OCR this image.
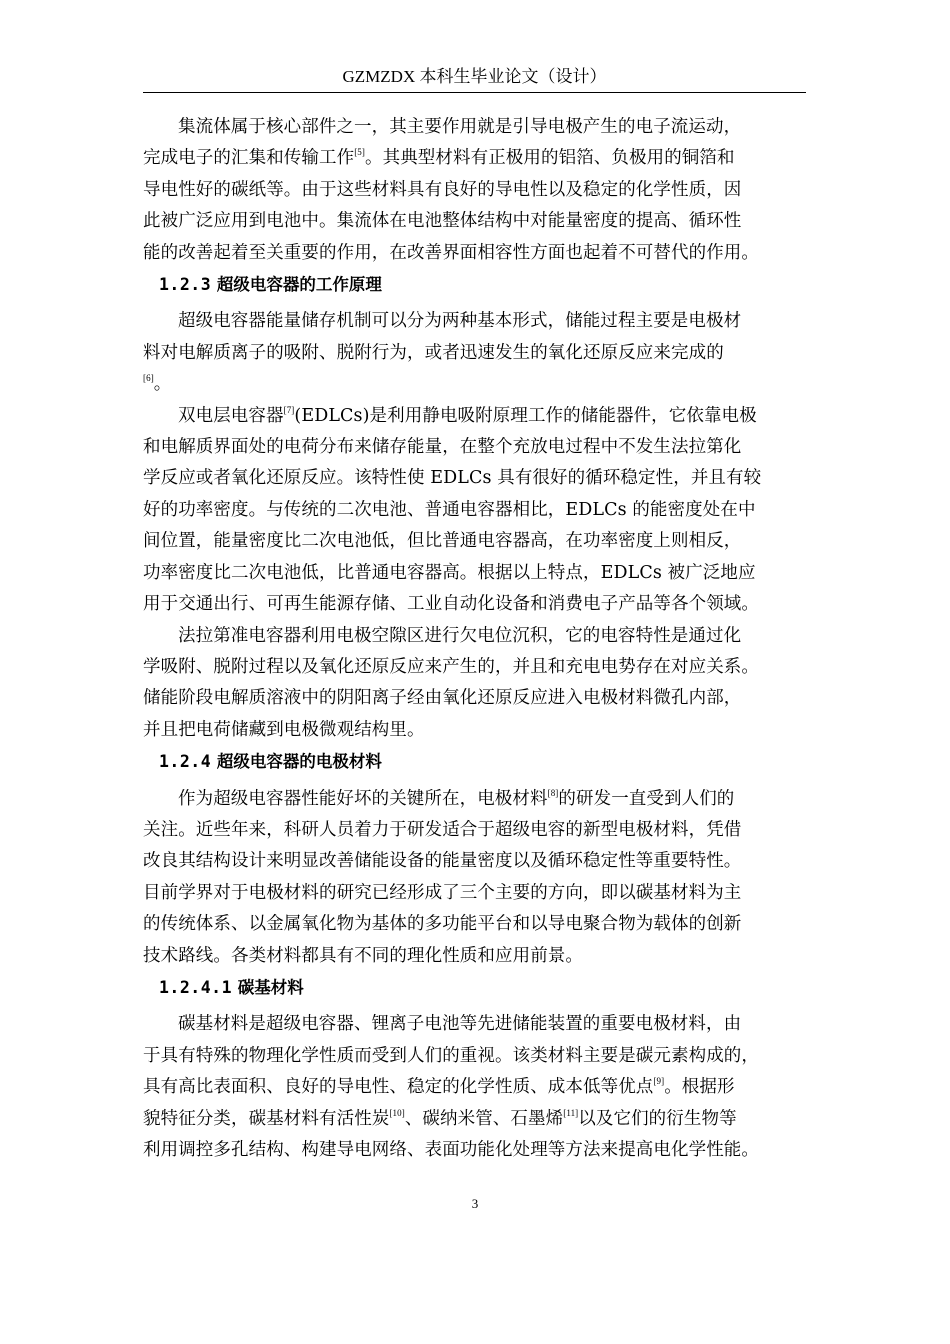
GZMZDX 本科生毕业论文（设计）
集流体属于核心部件之一，其主要作用就是引导电极产生的电子流运动，
完成电子的汇集和传输工作[5]。其典型材料有正极用的铝箔、负极用的铜箔和
导电性好的碳纸等。由于这些材料具有良好的导电性以及稳定的化学性质，因
此被广泛应用到电池中。集流体在电池整体结构中对能量密度的提高、循环性
能的改善起着至关重要的作用，在改善界面相容性方面也起着不可替代的作用。
1.2.3 超级电容器的工作原理
超级电容器能量储存机制可以分为两种基本形式，储能过程主要是电极材
料对电解质离子的吸附、脱附行为，或者迅速发生的氧化还原反应来完成的
[6]。
双电层电容器[7](EDLCs)是利用静电吸附原理工作的储能器件，它依靠电极
和电解质界面处的电荷分布来储存能量，在整个充放电过程中不发生法拉第化
学反应或者氧化还原反应。该特性使 EDLCs 具有很好的循环稳定性，并且有较
好的功率密度。与传统的二次电池、普通电容器相比，EDLCs 的能密度处在中
间位置，能量密度比二次电池低，但比普通电容器高，在功率密度上则相反，
功率密度比二次电池低，比普通电容器高。根据以上特点，EDLCs 被广泛地应
用于交通出行、可再生能源存储、工业自动化设备和消费电子产品等各个领域。
法拉第准电容器利用电极空隙区进行欠电位沉积，它的电容特性是通过化
学吸附、脱附过程以及氧化还原反应来产生的，并且和充电电势存在对应关系。
储能阶段电解质溶液中的阴阳离子经由氧化还原反应进入电极材料微孔内部，
并且把电荷储藏到电极微观结构里。
1.2.4 超级电容器的电极材料
作为超级电容器性能好坏的关键所在，电极材料[8]的研发一直受到人们的
关注。近些年来，科研人员着力于研发适合于超级电容的新型电极材料，凭借
改良其结构设计来明显改善储能设备的能量密度以及循环稳定性等重要特性。
目前学界对于电极材料的研究已经形成了三个主要的方向，即以碳基材料为主
的传统体系、以金属氧化物为基体的多功能平台和以导电聚合物为载体的创新
技术路线。各类材料都具有不同的理化性质和应用前景。
1.2.4.1 碳基材料
碳基材料是超级电容器、锂离子电池等先进储能装置的重要电极材料，由
于具有特殊的物理化学性质而受到人们的重视。该类材料主要是碳元素构成的，
具有高比表面积、良好的导电性、稳定的化学性质、成本低等优点[9]。根据形
貌特征分类，碳基材料有活性炭[10]、碳纳米管、石墨烯[11]以及它们的衍生物等
利用调控多孔结构、构建导电网络、表面功能化处理等方法来提高电化学性能。
3
